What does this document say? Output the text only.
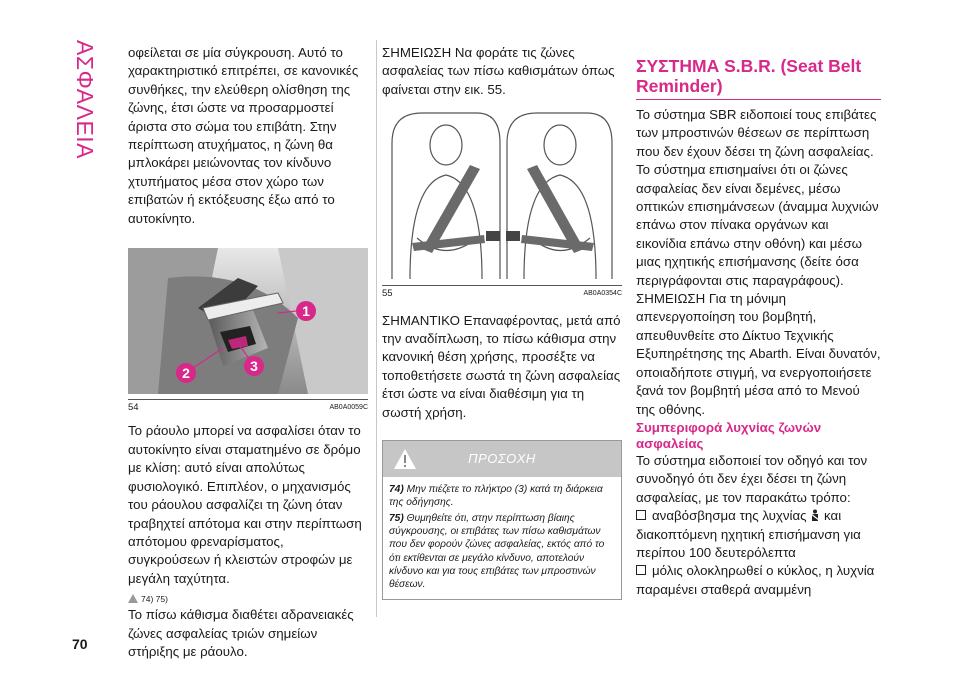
ΑΣΦΑΛΕΙΑ
70

οφείλεται σε μία σύγκρουση. Αυτό το χαρακτηριστικό επιτρέπει, σε κανονικές συνθήκες, την ελεύθερη ολίσθηση της ζώνης, έτσι ώστε να προσαρμοστεί άριστα στο σώμα του επιβάτη. Στην περίπτωση ατυχήματος, η ζώνη θα μπλοκάρει μειώνοντας τον κίνδυνο χτυπήματος μέσα στον χώρο των επιβατών ή εκτόξευσης έξω από το αυτοκίνητο.

1
2	3
54	AB0A0059C

Το ράουλο μπορεί να ασφαλίσει όταν το αυτοκίνητο είναι σταματημένο σε δρόμο με κλίση: αυτό είναι απολύτως φυσιολογικό. Επιπλέον, ο μηχανισμός του ράουλου ασφαλίζει τη ζώνη όταν τραβηχτεί απότομα και στην περίπτωση απότομου φρεναρίσματος, συγκρούσεων ή κλειστών στροφών με μεγάλη ταχύτητα.

74) 75)

Το πίσω κάθισμα διαθέτει αδρανειακές ζώνες ασφαλείας τριών σημείων στήριξης με ράουλο.

ΣΗΜΕΙΩΣΗ Να φοράτε τις ζώνες ασφαλείας των πίσω καθισμάτων όπως φαίνεται στην εικ. 55.

55	AB0A0354C

ΣΗΜΑΝΤΙΚΟ Επαναφέροντας, μετά από την αναδίπλωση, το πίσω κάθισμα στην κανονική θέση χρήσης, προσέξτε να τοποθετήσετε σωστά τη ζώνη ασφαλείας έτσι ώστε να είναι διαθέσιμη για τη σωστή χρήση.

ΠΡΟΣΟΧΗ
74) Μην πιέζετε το πλήκτρο (3) κατά τη διάρκεια της οδήγησης.
75) Θυμηθείτε ότι, στην περίπτωση βίαιης σύγκρουσης, οι επιβάτες των πίσω καθισμάτων που δεν φορούν ζώνες ασφαλείας, εκτός από το ότι εκτίθενται σε μεγάλο κίνδυνο, αποτελούν κίνδυνο και για τους επιβάτες των μπροστινών θέσεων.
ΣΥΣΤΗΜΑ S.B.R. (Seat Belt Reminder)

Το σύστημα SBR ειδοποιεί τους επιβάτες των μπροστινών θέσεων σε περίπτωση που δεν έχουν δέσει τη ζώνη ασφαλείας.

Το σύστημα επισημαίνει ότι οι ζώνες ασφαλείας δεν είναι δεμένες, μέσω οπτικών επισημάνσεων (άναμμα λυχνιών επάνω στον πίνακα οργάνων και εικονίδια επάνω στην οθόνη) και μέσω μιας ηχητικής επισήμανσης (δείτε όσα περιγράφονται στις παραγράφους).

ΣΗΜΕΙΩΣΗ Για τη μόνιμη απενεργοποίηση του βομβητή, απευθυνθείτε στο Δίκτυο Τεχνικής Εξυπηρέτησης της Abarth. Είναι δυνατόν, οποιαδήποτε στιγμή, να ενεργοποιήσετε ξανά τον βομβητή μέσα από το Μενού της οθόνης.

Συμπεριφορά λυχνίας ζωνών ασφαλείας

Το σύστημα ειδοποιεί τον οδηγό και τον συνοδηγό ότι δεν έχει δέσει τη ζώνη ασφαλείας, με τον παρακάτω τρόπο:

αναβόσβησμα της λυχνίας και διακοπτόμενη ηχητική επισήμανση για περίπου 100 δευτερόλεπτα

μόλις ολοκληρωθεί ο κύκλος, η λυχνία παραμένει σταθερά αναμμένη
